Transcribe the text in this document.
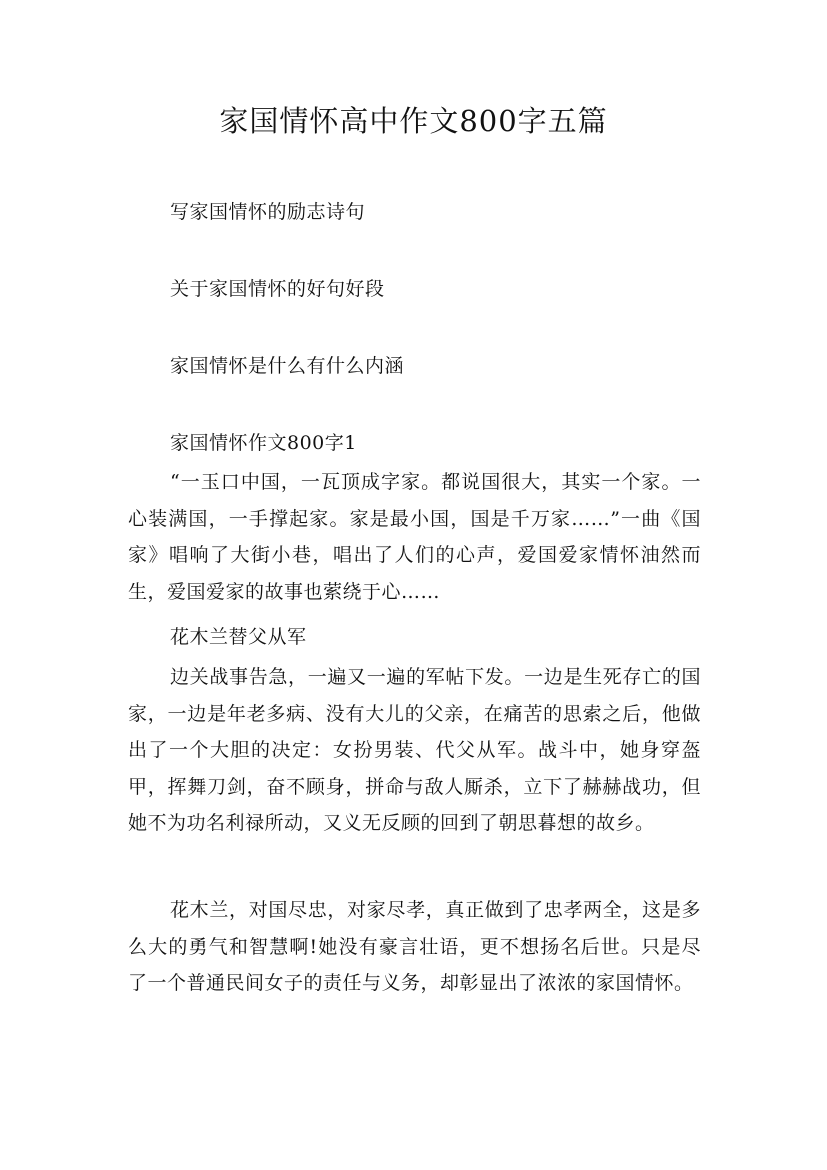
家国情怀高中作文800字五篇
写家国情怀的励志诗句
关于家国情怀的好句好段
家国情怀是什么有什么内涵
家国情怀作文800字1
“一玉口中国，一瓦顶成字家。都说国很大，其实一个家。一心装满国，一手撑起家。家是最小国，国是千万家……”一曲《国家》唱响了大街小巷，唱出了人们的心声，爱国爱家情怀油然而生，爱国爱家的故事也萦绕于心……
花木兰替父从军
边关战事告急，一遍又一遍的军帖下发。一边是生死存亡的国家，一边是年老多病、没有大儿的父亲，在痛苦的思索之后，他做出了一个大胆的决定：女扮男装、代父从军。战斗中，她身穿盔甲，挥舞刀剑，奋不顾身，拼命与敌人厮杀，立下了赫赫战功，但她不为功名利禄所动，又义无反顾的回到了朝思暮想的故乡。
花木兰，对国尽忠，对家尽孝，真正做到了忠孝两全，这是多么大的勇气和智慧啊!她没有豪言壮语，更不想扬名后世。只是尽了一个普通民间女子的责任与义务，却彰显出了浓浓的家国情怀。
